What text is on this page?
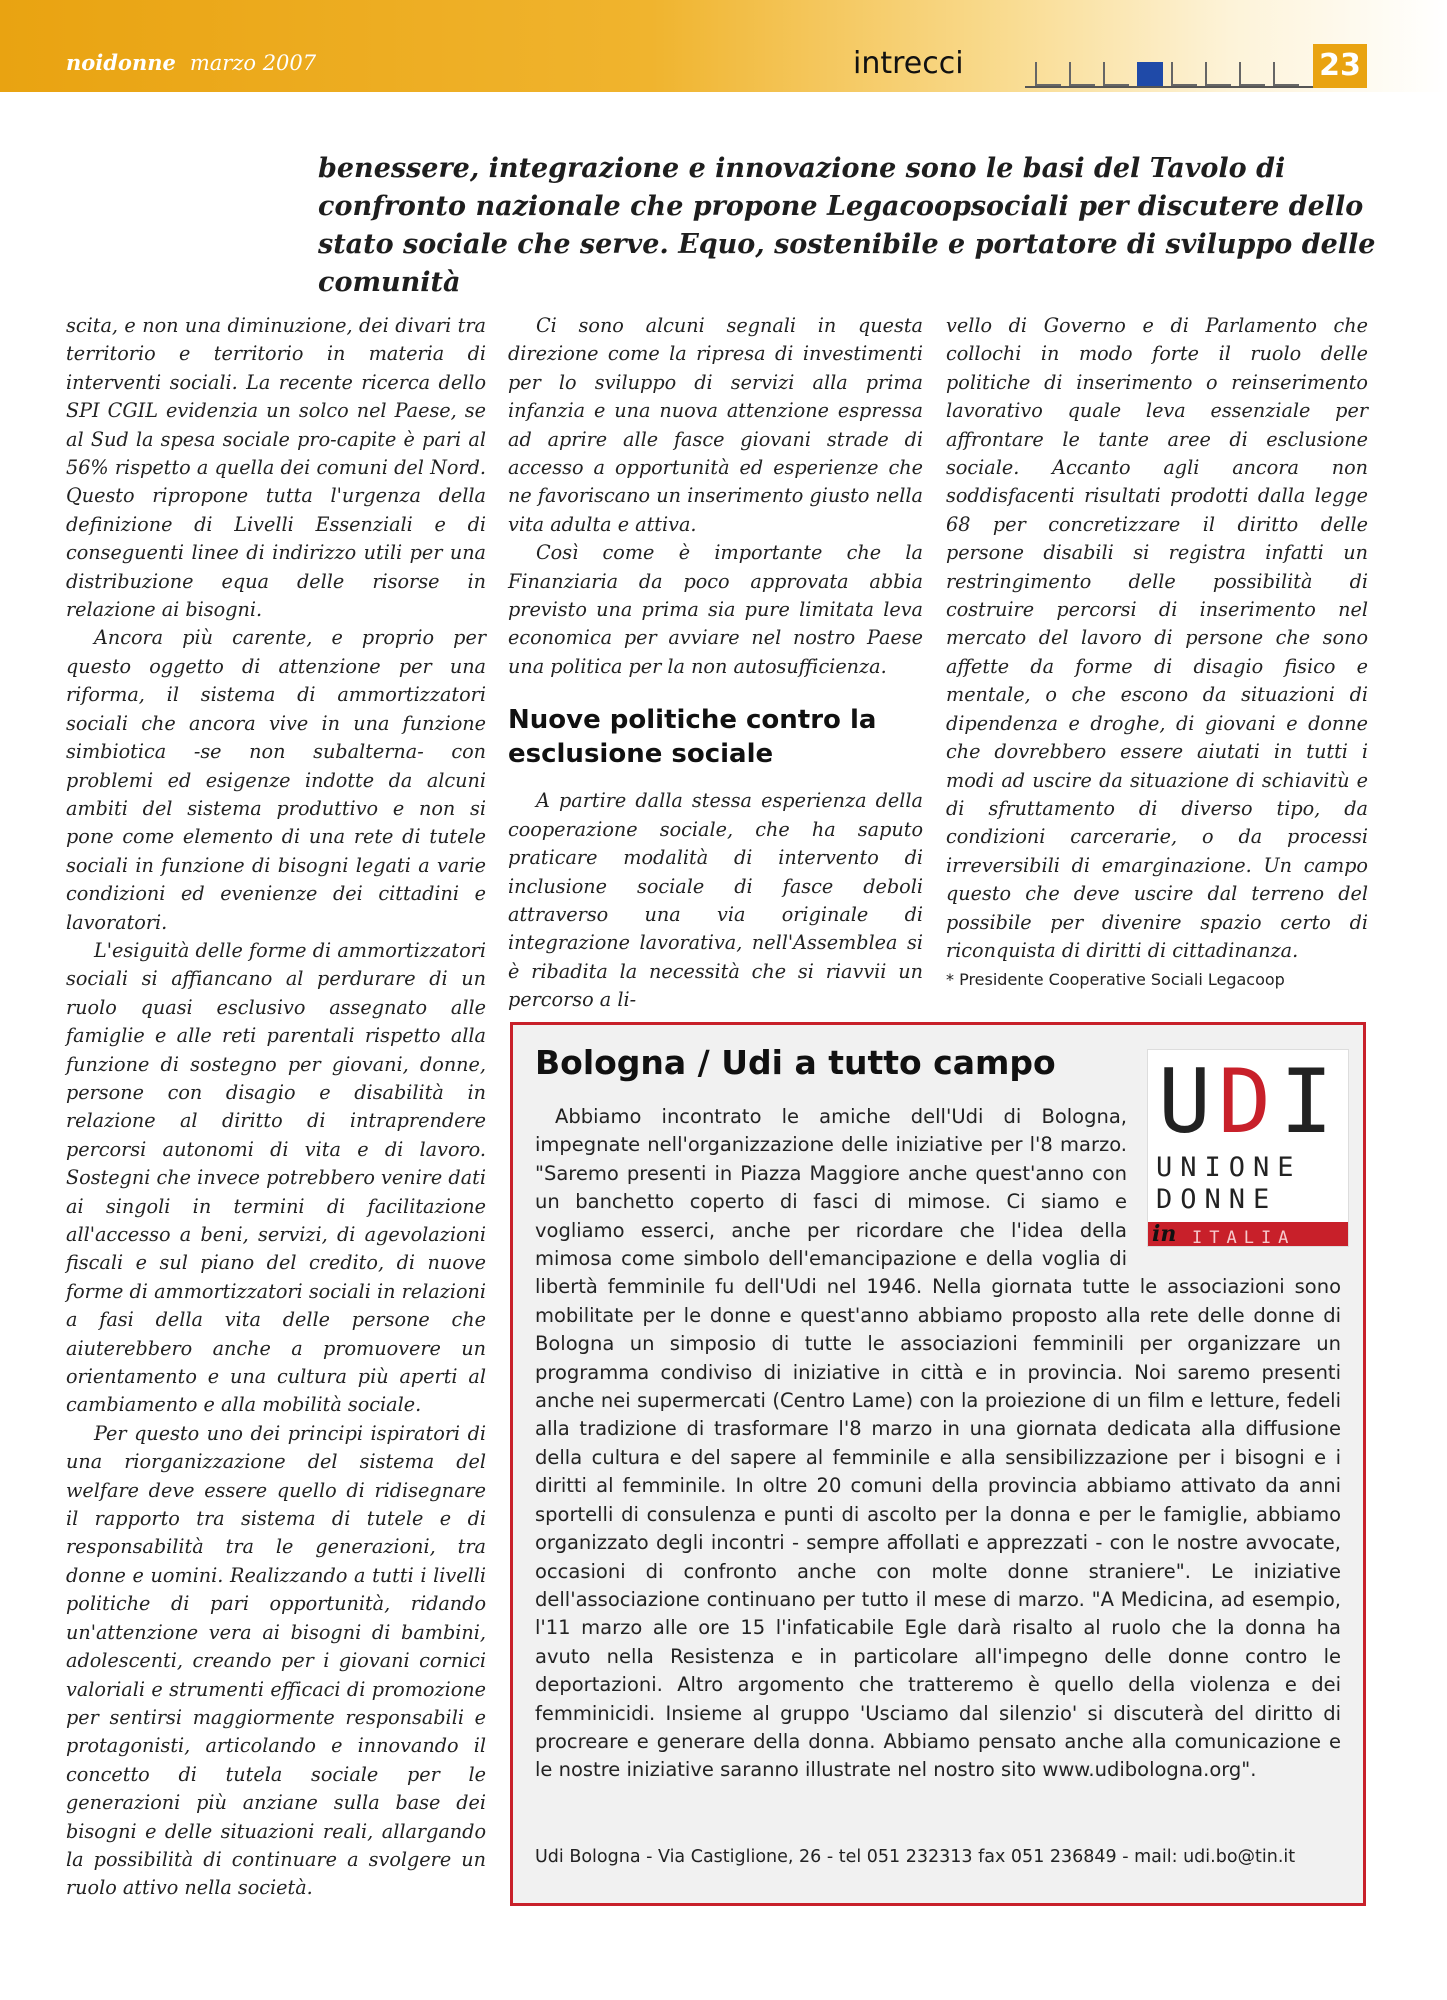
noidonne marzo 2007	intrecci	23
benessere, integrazione e innovazione sono le basi del Tavolo di confronto nazionale che propone Legacoopsociali per discutere dello stato sociale che serve. Equo, sostenibile e portatore di sviluppo delle comunità

scita, e non una diminuzione, dei divari tra territorio e territorio in materia di interventi sociali. La recente ricerca dello SPI CGIL evidenzia un solco nel Paese, se al Sud la spesa sociale pro-capite è pari al 56% rispetto a quella dei comuni del Nord. Questo ripropone tutta l'urgenza della definizione di Livelli Essenziali e di conseguenti linee di indirizzo utili per una distribuzione equa delle risorse in relazione ai bisogni.

Ancora più carente, e proprio per questo oggetto di attenzione per una riforma, il sistema di ammortizzatori sociali che ancora vive in una funzione simbiotica -se non subalterna- con problemi ed esigenze indotte da alcuni ambiti del sistema produttivo e non si pone come elemento di una rete di tutele sociali in funzione di bisogni legati a varie condizioni ed evenienze dei cittadini e lavoratori.

L'esiguità delle forme di ammortizzatori sociali si affiancano al perdurare di un ruolo quasi esclusivo assegnato alle famiglie e alle reti parentali rispetto alla funzione di sostegno per giovani, donne, persone con disagio e disabilità in relazione al diritto di intraprendere percorsi autonomi di vita e di lavoro. Sostegni che invece potrebbero venire dati ai singoli in termini di facilitazione all'accesso a beni, servizi, di agevolazioni fiscali e sul piano del credito, di nuove forme di ammortizzatori sociali in relazioni a fasi della vita delle persone che aiuterebbero anche a promuovere un orientamento e una cultura più aperti al cambiamento e alla mobilità sociale.

Per questo uno dei principi ispiratori di una riorganizzazione del sistema del welfare deve essere quello di ridisegnare il rapporto tra sistema di tutele e di responsabilità tra le generazioni, tra donne e uomini. Realizzando a tutti i livelli politiche di pari opportunità, ridando un'attenzione vera ai bisogni di bambini, adolescenti, creando per i giovani cornici valoriali e strumenti efficaci di promozione per sentirsi maggiormente responsabili e protagonisti, articolando e innovando il concetto di tutela sociale per le generazioni più anziane sulla base dei bisogni e delle situazioni reali, allargando la possibilità di continuare a svolgere un ruolo attivo nella società.

Ci sono alcuni segnali in questa direzione come la ripresa di investimenti per lo sviluppo di servizi alla prima infanzia e una nuova attenzione espressa ad aprire alle fasce giovani strade di accesso a opportunità ed esperienze che ne favoriscano un inserimento giusto nella vita adulta e attiva.

Così come è importante che la Finanziaria da poco approvata abbia previsto una prima sia pure limitata leva economica per avviare nel nostro Paese una politica per la non autosufficienza.

Nuove politiche contro la esclusione sociale

A partire dalla stessa esperienza della cooperazione sociale, che ha saputo praticare modalità di intervento di inclusione sociale di fasce deboli attraverso una via originale di integrazione lavorativa, nell'Assemblea si è ribadita la necessità che si riavvii un percorso a li-

vello di Governo e di Parlamento che collochi in modo forte il ruolo delle politiche di inserimento o reinserimento lavorativo quale leva essenziale per affrontare le tante aree di esclusione sociale. Accanto agli ancora non soddisfacenti risultati prodotti dalla legge 68 per concretizzare il diritto delle persone disabili si registra infatti un restringimento delle possibilità di costruire percorsi di inserimento nel mercato del lavoro di persone che sono affette da forme di disagio fisico e mentale, o che escono da situazioni di dipendenza e droghe, di giovani e donne che dovrebbero essere aiutati in tutti i modi ad uscire da situazione di schiavitù e di sfruttamento di diverso tipo, da condizioni carcerarie, o da processi irreversibili di emarginazione. Un campo questo che deve uscire dal terreno del possibile per divenire spazio certo di riconquista di diritti di cittadinanza.

* Presidente Cooperative Sociali Legacoop
Bologna / Udi a tutto campo U D I
UNIONE
DONNE
in ITALIA

Abbiamo incontrato le amiche dell'Udi di Bologna, impegnate nell'organizzazione delle iniziative per l'8 marzo. "Saremo presenti in Piazza Maggiore anche quest'anno con un banchetto coperto di fasci di mimose. Ci siamo e vogliamo esserci, anche per ricordare che l'idea della mimosa come simbolo dell'emancipazione e della voglia di libertà femminile fu dell'Udi nel 1946. Nella giornata tutte le associazioni sono mobilitate per le donne e quest'anno abbiamo proposto alla rete delle donne di Bologna un simposio di tutte le associazioni femminili per organizzare un programma condiviso di iniziative in città e in provincia. Noi saremo presenti anche nei supermercati (Centro Lame) con la proiezione di un film e letture, fedeli alla tradizione di trasformare l'8 marzo in una giornata dedicata alla diffusione della cultura e del sapere al femminile e alla sensibilizzazione per i bisogni e i diritti al femminile. In oltre 20 comuni della provincia abbiamo attivato da anni sportelli di consulenza e punti di ascolto per la donna e per le famiglie, abbiamo organizzato degli incontri - sempre affollati e apprezzati - con le nostre avvocate, occasioni di confronto anche con molte donne straniere". Le iniziative dell'associazione continuano per tutto il mese di marzo. "A Medicina, ad esempio, l'11 marzo alle ore 15 l'infaticabile Egle darà risalto al ruolo che la donna ha avuto nella Resistenza e in particolare all'impegno delle donne contro le deportazioni. Altro argomento che tratteremo è quello della violenza e dei femminicidi. Insieme al gruppo 'Usciamo dal silenzio' si discuterà del diritto di procreare e generare della donna. Abbiamo pensato anche alla comunicazione e le nostre iniziative saranno illustrate nel nostro sito www.udibologna.org".

Udi Bologna - Via Castiglione, 26 - tel 051 232313 fax 051 236849 - mail: udi.bo@tin.it
